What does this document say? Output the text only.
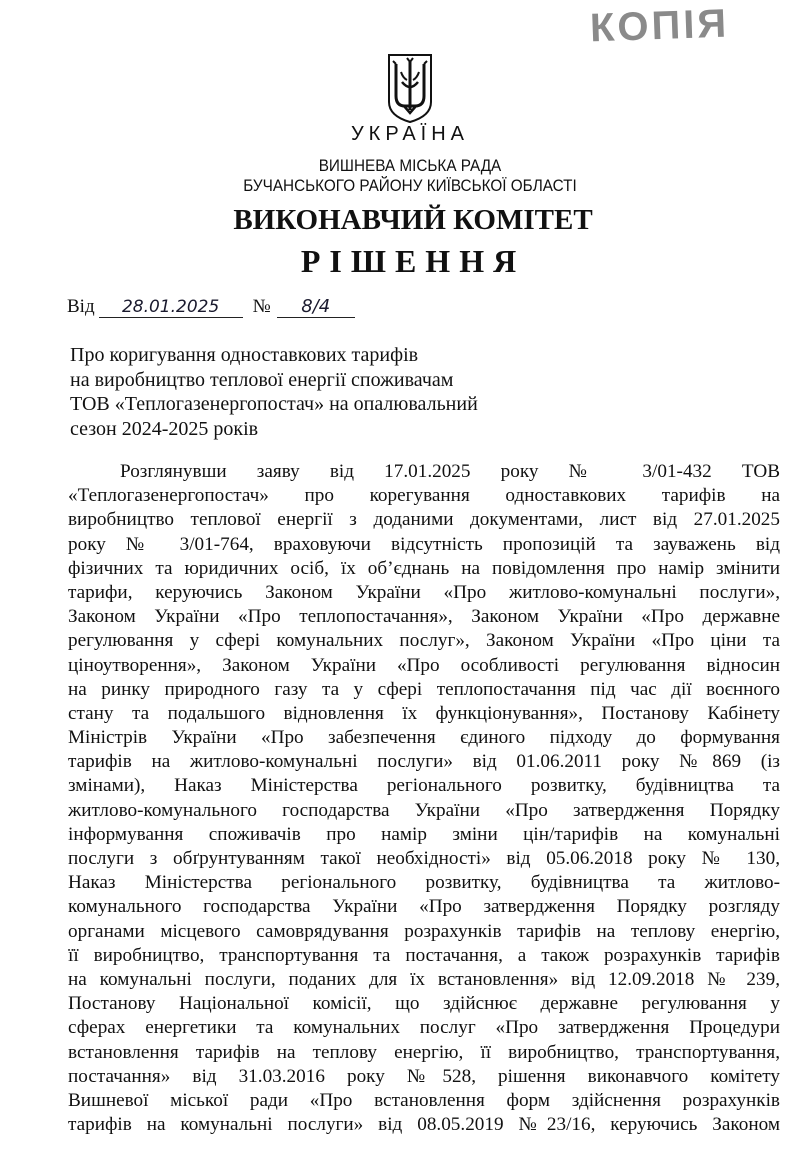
КОПІЯ
УКРАЇНА
ВИШНЕВА МІСЬКА РАДА
БУЧАНСЬКОГО РАЙОНУ КИЇВСЬКОЇ ОБЛАСТІ
ВИКОНАВЧИЙ КОМІТЕТ
РІШЕННЯ
Від	28.01.2025	№	8/4
Про коригування одноставкових тарифів
на виробництво теплової енергії споживачам
ТОВ «Теплогазенергопостач» на опалювальний
сезон 2024-2025 років
Розглянувши заяву від 17.01.2025 року № 3/01-432 ТОВ
«Теплогазенергопостач» про корегування одноставкових тарифів на
виробництво теплової енергії з доданими документами, лист від 27.01.2025
року № 3/01-764, враховуючи відсутність пропозицій та зауважень від
фізичних та юридичних осіб, їх об’єднань на повідомлення про намір змінити
тарифи, керуючись Законом України «Про житлово-комунальні послуги»,
Законом України «Про теплопостачання», Законом України «Про державне
регулювання у сфері комунальних послуг», Законом України «Про ціни та
ціноутворення», Законом України «Про особливості регулювання відносин
на ринку природного газу та у сфері теплопостачання під час дії воєнного
стану та подальшого відновлення їх функціонування», Постанову Кабінету
Міністрів України «Про забезпечення єдиного підходу до формування
тарифів на житлово-комунальні послуги» від 01.06.2011 року №869 (із
змінами), Наказ Міністерства регіонального розвитку, будівництва та
житлово-комунального господарства України «Про затвердження Порядку
інформування споживачів про намір зміни цін/тарифів на комунальні
послуги з обґрунтуванням такої необхідності» від 05.06.2018 року № 130,
Наказ Міністерства регіонального розвитку, будівництва та житлово-
комунального господарства України «Про затвердження Порядку розгляду
органами місцевого самоврядування розрахунків тарифів на теплову енергію,
її виробництво, транспортування та постачання, а також розрахунків тарифів
на комунальні послуги, поданих для їх встановлення» від 12.09.2018 № 239,
Постанову Національної комісії, що здійснює державне регулювання у
сферах енергетики та комунальних послуг «Про затвердження Процедури
встановлення тарифів на теплову енергію, її виробництво, транспортування,
постачання» від 31.03.2016 року №528, рішення виконавчого комітету
Вишневої міської ради «Про встановлення форм здійснення розрахунків
тарифів на комунальні послуги» від 08.05.2019 №23/16, керуючись Законом
